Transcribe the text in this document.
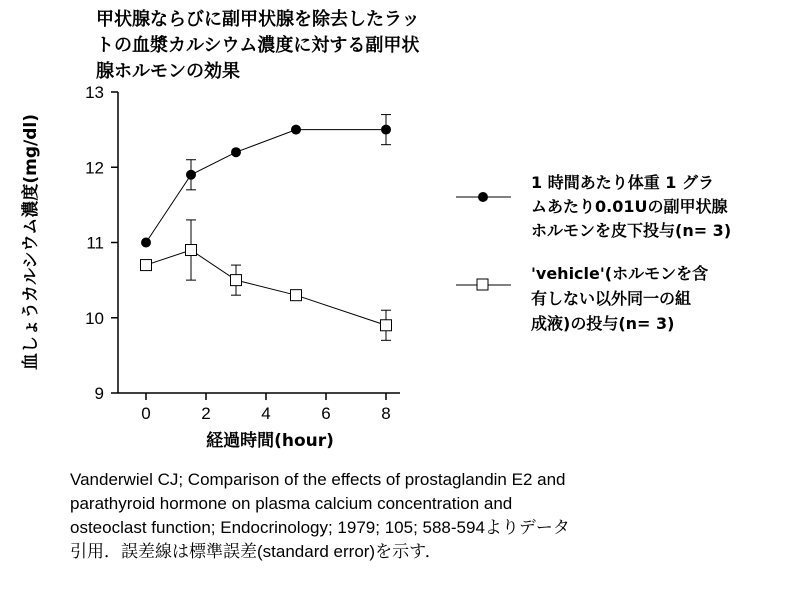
甲状腺ならびに副甲状腺を除去したラッ
トの血漿カルシウム濃度に対する副甲状
腺ホルモンの効果
9
10
11
12
13
0	2	4	6	8
経過時間(hour)
血しょうカルシウム濃度(mg/dl)	1 時間あたり体重 1 グラ
ムあたり0.01Uの副甲状腺
ホルモンを皮下投与(n= 3)
'vehicle'(ホルモンを含
有しない以外同一の組
成液)の投与(n= 3)
Vanderwiel CJ; Comparison of the effects of prostaglandin E2 and
parathyroid hormone on plasma calcium concentration and
osteoclast function; Endocrinology; 1979; 105; 588-594よりデータ
引用．誤差線は標準誤差(standard error)を示す．
